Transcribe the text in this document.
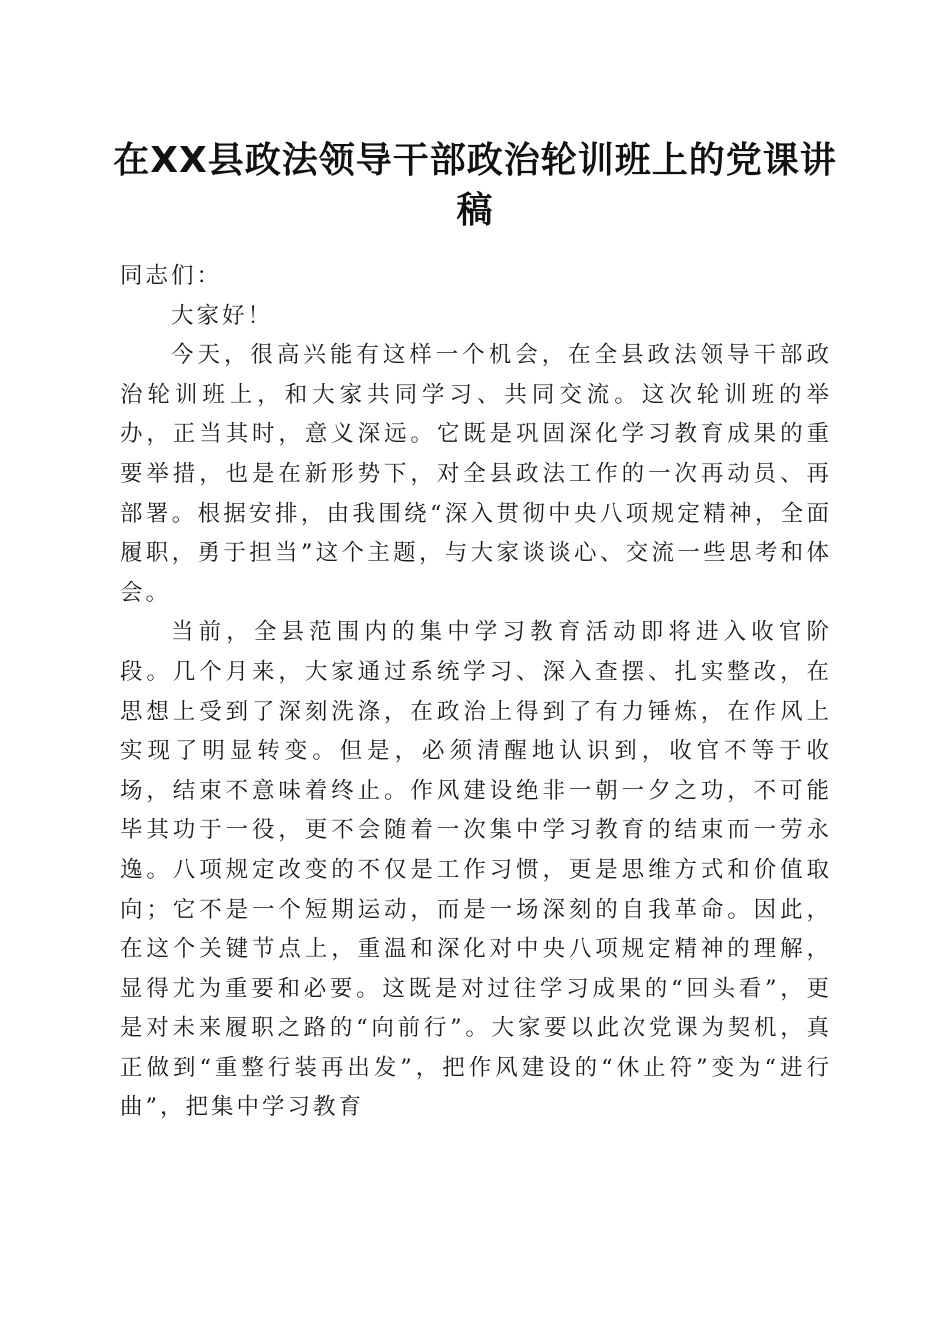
在XX县政法领导干部政治轮训班上的党课讲稿

同志们：

大家好！

今天，很高兴能有这样一个机会，在全县政法领导干部政治轮训班上，和大家共同学习、共同交流。这次轮训班的举办，正当其时，意义深远。它既是巩固深化学习教育成果的重要举措，也是在新形势下，对全县政法工作的一次再动员、再部署。根据安排，由我围绕“深入贯彻中央八项规定精神，全面履职，勇于担当”这个主题，与大家谈谈心、交流一些思考和体会。

当前，全县范围内的集中学习教育活动即将进入收官阶段。几个月来，大家通过系统学习、深入查摆、扎实整改，在思想上受到了深刻洗涤，在政治上得到了有力锤炼，在作风上实现了明显转变。但是，必须清醒地认识到，收官不等于收场，结束不意味着终止。作风建设绝非一朝一夕之功，不可能毕其功于一役，更不会随着一次集中学习教育的结束而一劳永逸。八项规定改变的不仅是工作习惯，更是思维方式和价值取向；它不是一个短期运动，而是一场深刻的自我革命。因此，在这个关键节点上，重温和深化对中央八项规定精神的理解，显得尤为重要和必要。这既是对过往学习成果的“回头看”，更是对未来履职之路的“向前行”。大家要以此次党课为契机，真正做到“重整行装再出发”，把作风建设的“休止符”变为“进行曲”，把集中学习教育
